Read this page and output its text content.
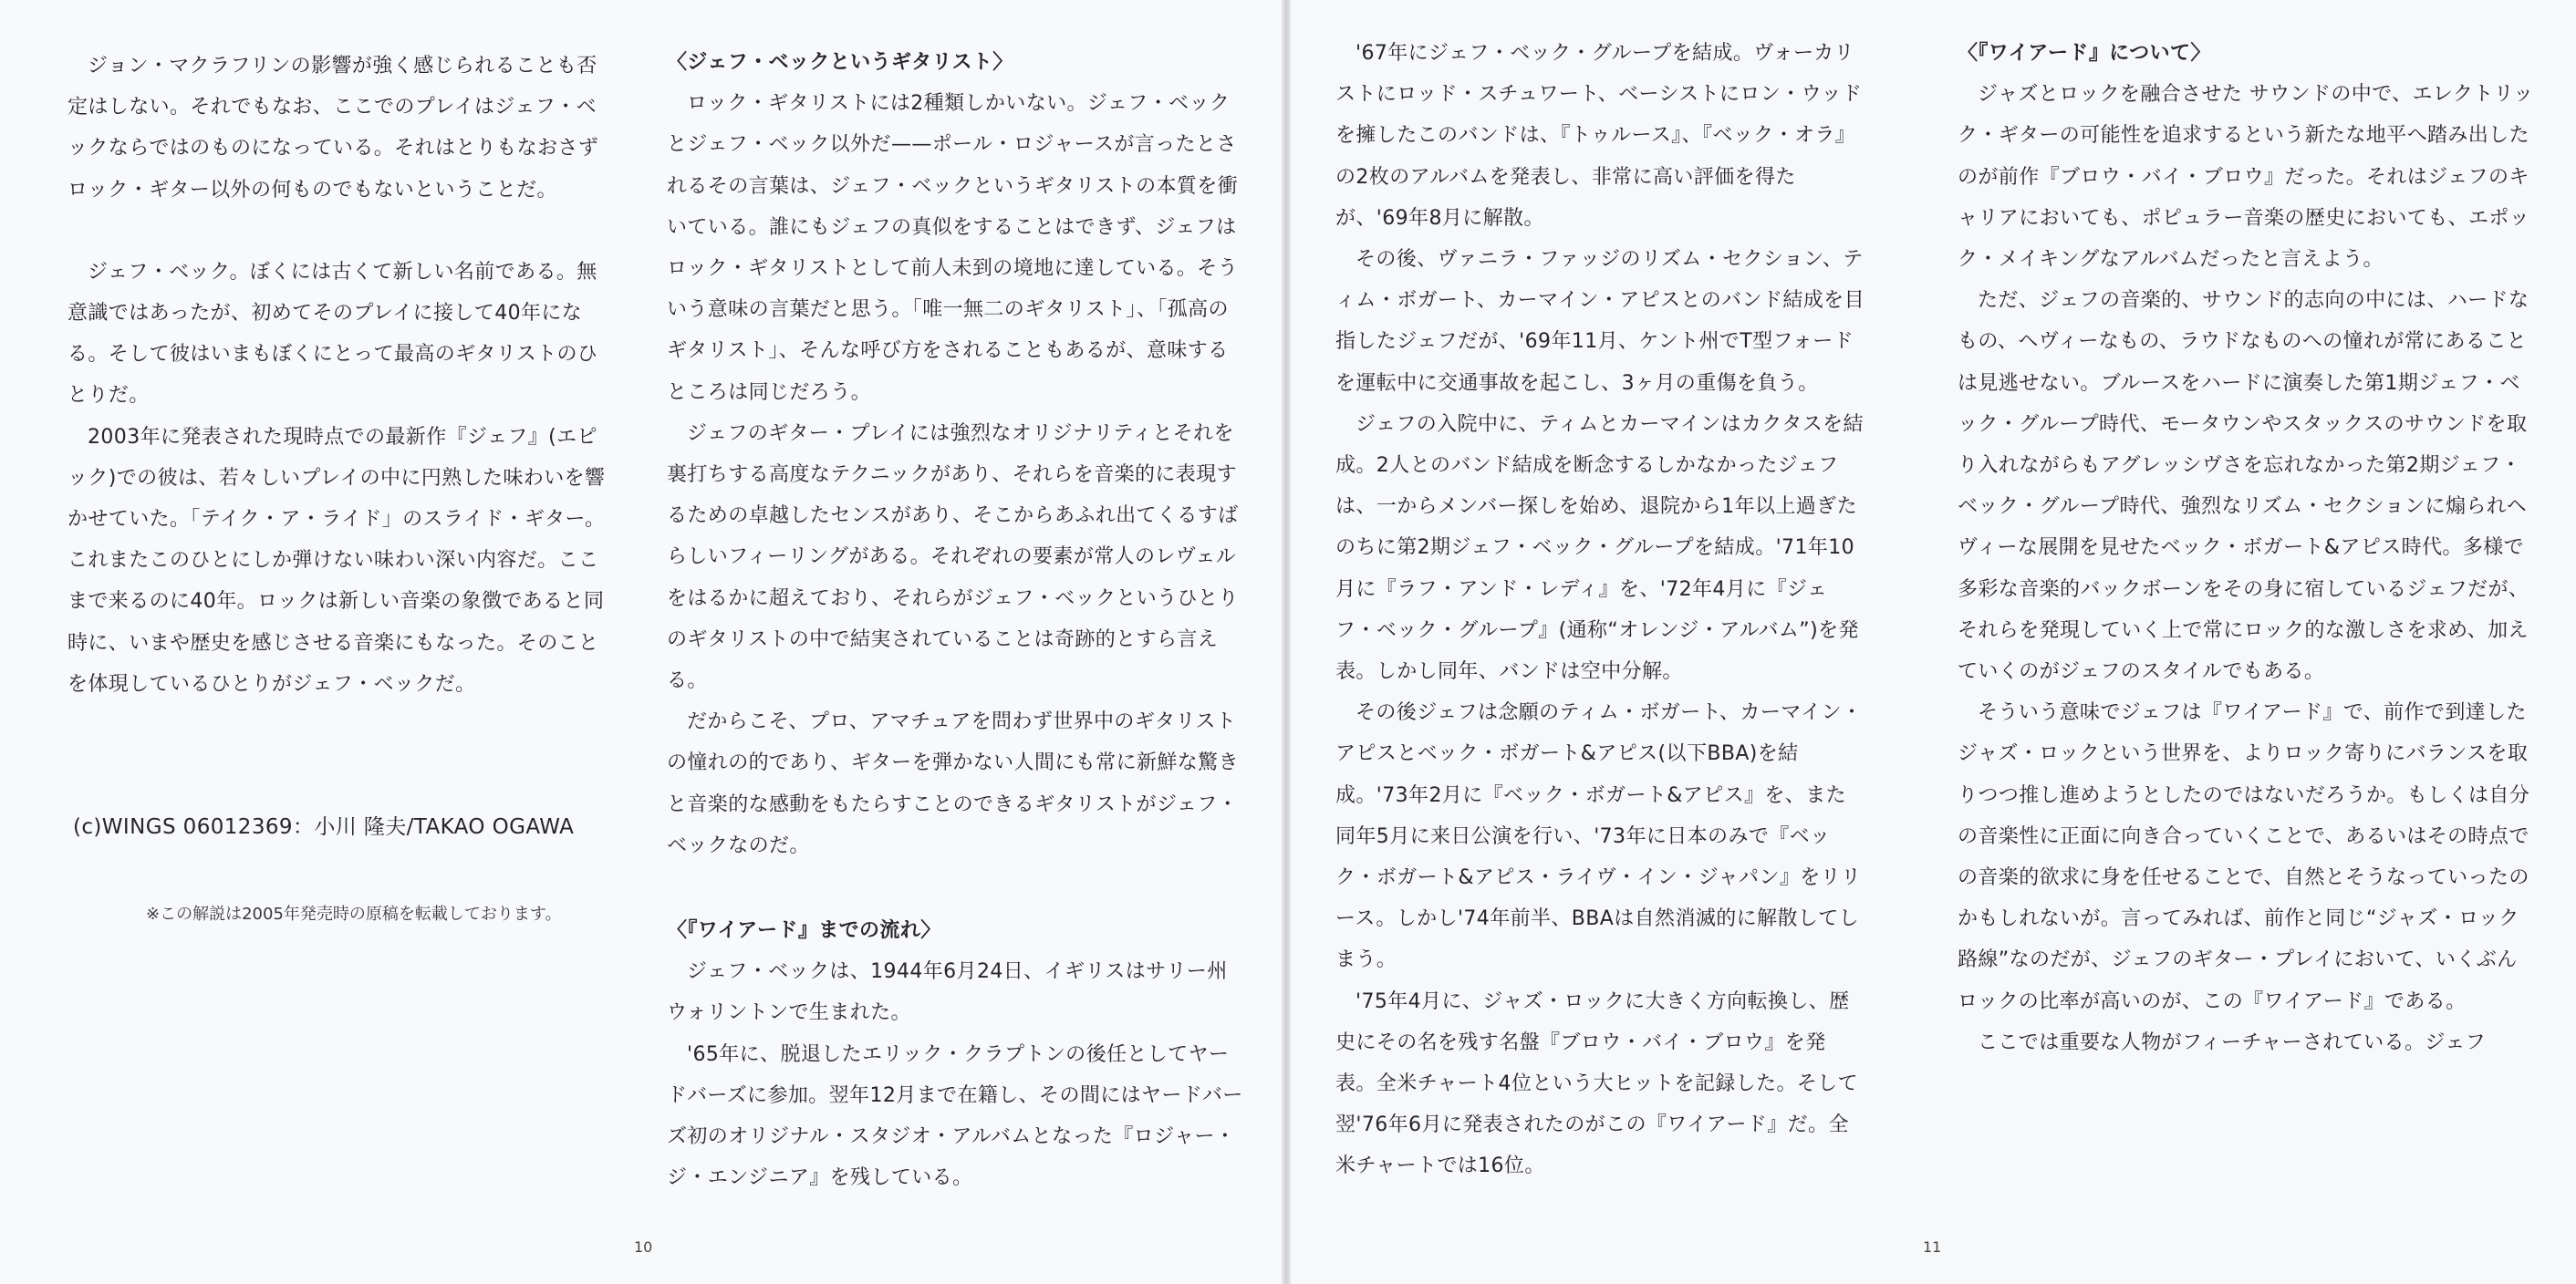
ジョン・マクラフリンの影響が強く感じられることも否定はしない。それでもなお、ここでのプレイはジェフ・ベックならではのものになっている。それはとりもなおさずロック・ギター以外の何ものでもないということだ。

ジェフ・ベック。ぼくには古くて新しい名前である。無意識ではあったが、初めてそのプレイに接して40年になる。そして彼はいまもぼくにとって最高のギタリストのひとりだ。

2003年に発表された現時点での最新作『ジェフ』(エピック)での彼は、若々しいプレイの中に円熟した味わいを響かせていた。「テイク・ア・ライド」のスライド・ギター。これまたこのひとにしか弾けない味わい深い内容だ。ここまで来るのに40年。ロックは新しい音楽の象徴であると同時に、いまや歴史を感じさせる音楽にもなった。そのことを体現しているひとりがジェフ・ベックだ。

(c)WINGS 06012369：小川 隆夫/TAKAO OGAWA
※この解説は2005年発売時の原稿を転載しております。

〈ジェフ・ベックというギタリスト〉

ロック・ギタリストには2種類しかいない。ジェフ・ベックとジェフ・ベック以外だ——ポール・ロジャースが言ったとされるその言葉は、ジェフ・ベックというギタリストの本質を衝いている。誰にもジェフの真似をすることはできず、ジェフはロック・ギタリストとして前人未到の境地に達している。そういう意味の言葉だと思う。「唯一無二のギタリスト」、「孤高のギタリスト」、そんな呼び方をされることもあるが、意味するところは同じだろう。

ジェフのギター・プレイには強烈なオリジナリティとそれを裏打ちする高度なテクニックがあり、それらを音楽的に表現するための卓越したセンスがあり、そこからあふれ出てくるすばらしいフィーリングがある。それぞれの要素が常人のレヴェルをはるかに超えており、それらがジェフ・ベックというひとりのギタリストの中で結実されていることは奇跡的とすら言える。

だからこそ、プロ、アマチュアを問わず世界中のギタリストの憧れの的であり、ギターを弾かない人間にも常に新鮮な驚きと音楽的な感動をもたらすことのできるギタリストがジェフ・ベックなのだ。

〈『ワイアード』までの流れ〉

ジェフ・ベックは、1944年6月24日、イギリスはサリー州ウォリントンで生まれた。

'65年に、脱退したエリック・クラプトンの後任としてヤードバーズに参加。翌年12月まで在籍し、その間にはヤードバーズ初のオリジナル・スタジオ・アルバムとなった『ロジャー・ジ・エンジニア』を残している。

10

'67年にジェフ・ベック・グループを結成。ヴォーカリストにロッド・スチュワート、ベーシストにロン・ウッドを擁したこのバンドは、『トゥルース』、『ベック・オラ』の2枚のアルバムを発表し、非常に高い評価を得たが、'69年8月に解散。

その後、ヴァニラ・ファッジのリズム・セクション、ティム・ボガート、カーマイン・アピスとのバンド結成を目指したジェフだが、'69年11月、ケント州でT型フォードを運転中に交通事故を起こし、3ヶ月の重傷を負う。

ジェフの入院中に、ティムとカーマインはカクタスを結成。2人とのバンド結成を断念するしかなかったジェフは、一からメンバー探しを始め、退院から1年以上過ぎたのちに第2期ジェフ・ベック・グループを結成。'71年10月に『ラフ・アンド・レディ』を、'72年4月に『ジェフ・ベック・グループ』(通称“オレンジ・アルバム”)を発表。しかし同年、バンドは空中分解。

その後ジェフは念願のティム・ボガート、カーマイン・アピスとベック・ボガート&アピス(以下BBA)を結成。'73年2月に『ベック・ボガート&アピス』を、また同年5月に来日公演を行い、'73年に日本のみで『ベック・ボガート&アピス・ライヴ・イン・ジャパン』をリリース。しかし'74年前半、BBAは自然消滅的に解散してしまう。

'75年4月に、ジャズ・ロックに大きく方向転換し、歴史にその名を残す名盤『ブロウ・バイ・ブロウ』を発表。全米チャート4位という大ヒットを記録した。そして翌'76年6月に発表されたのがこの『ワイアード』だ。全米チャートでは16位。

〈『ワイアード』について〉

ジャズとロックを融合させた サウンドの中で、エレクトリック・ギターの可能性を追求するという新たな地平へ踏み出したのが前作『ブロウ・バイ・ブロウ』だった。それはジェフのキャリアにおいても、ポピュラー音楽の歴史においても、エポック・メイキングなアルバムだったと言えよう。

ただ、ジェフの音楽的、サウンド的志向の中には、ハードなもの、ヘヴィーなもの、ラウドなものへの憧れが常にあることは見逃せない。ブルースをハードに演奏した第1期ジェフ・ベック・グループ時代、モータウンやスタックスのサウンドを取り入れながらもアグレッシヴさを忘れなかった第2期ジェフ・ベック・グループ時代、強烈なリズム・セクションに煽られヘヴィーな展開を見せたベック・ボガート&アピス時代。多様で多彩な音楽的バックボーンをその身に宿しているジェフだが、それらを発現していく上で常にロック的な激しさを求め、加えていくのがジェフのスタイルでもある。

そういう意味でジェフは『ワイアード』で、前作で到達したジャズ・ロックという世界を、よりロック寄りにバランスを取りつつ推し進めようとしたのではないだろうか。もしくは自分の音楽性に正面に向き合っていくことで、あるいはその時点での音楽的欲求に身を任せることで、自然とそうなっていったのかもしれないが。言ってみれば、前作と同じ“ジャズ・ロック路線”なのだが、ジェフのギター・プレイにおいて、いくぶんロックの比率が高いのが、この『ワイアード』である。

ここでは重要な人物がフィーチャーされている。ジェフ

11
